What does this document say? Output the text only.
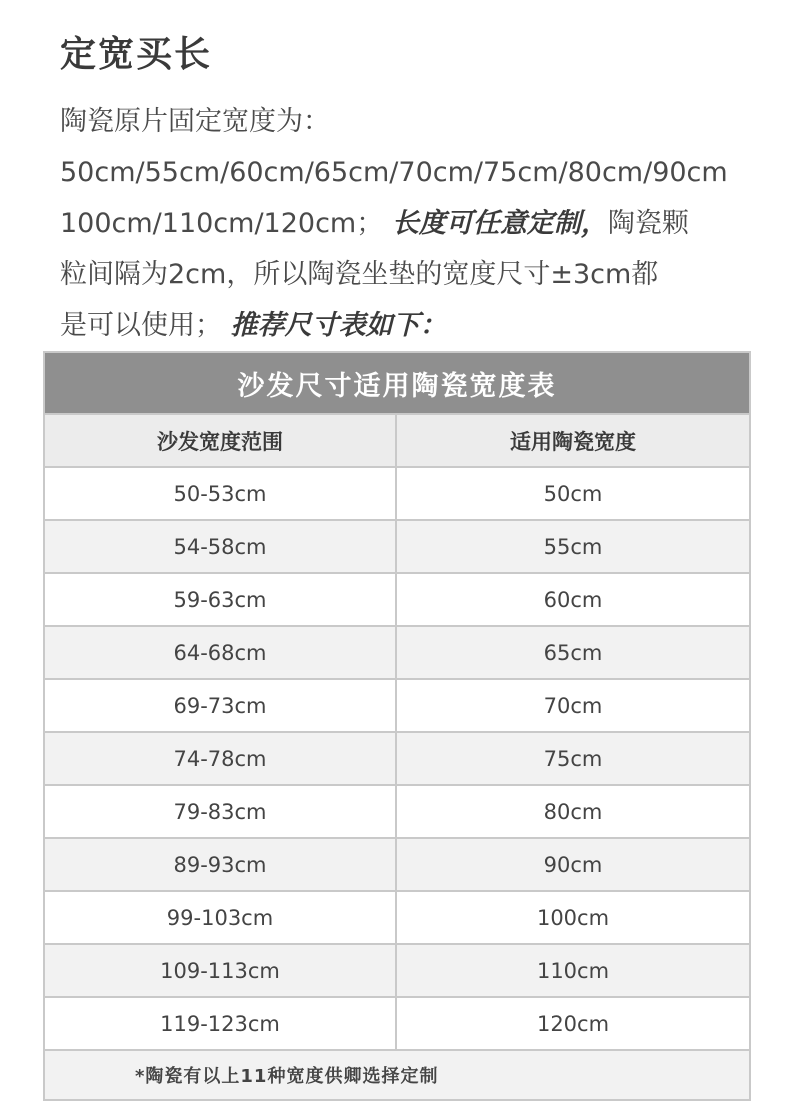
定宽买长
陶瓷原片固定宽度为：
50cm/55cm/60cm/65cm/70cm/75cm/80cm/90cm
100cm/110cm/120cm； 长度可任意定制，陶瓷颗
粒间隔为2cm，所以陶瓷坐垫的宽度尺寸±3cm都
是可以使用； 推荐尺寸表如下：
沙发尺寸适用陶瓷宽度表
沙发宽度范围	适用陶瓷宽度
50-53cm	50cm
54-58cm	55cm
59-63cm	60cm
64-68cm	65cm
69-73cm	70cm
74-78cm	75cm
79-83cm	80cm
89-93cm	90cm
99-103cm	100cm
109-113cm	110cm
119-123cm	120cm
*陶瓷有以上11种宽度供卿选择定制
